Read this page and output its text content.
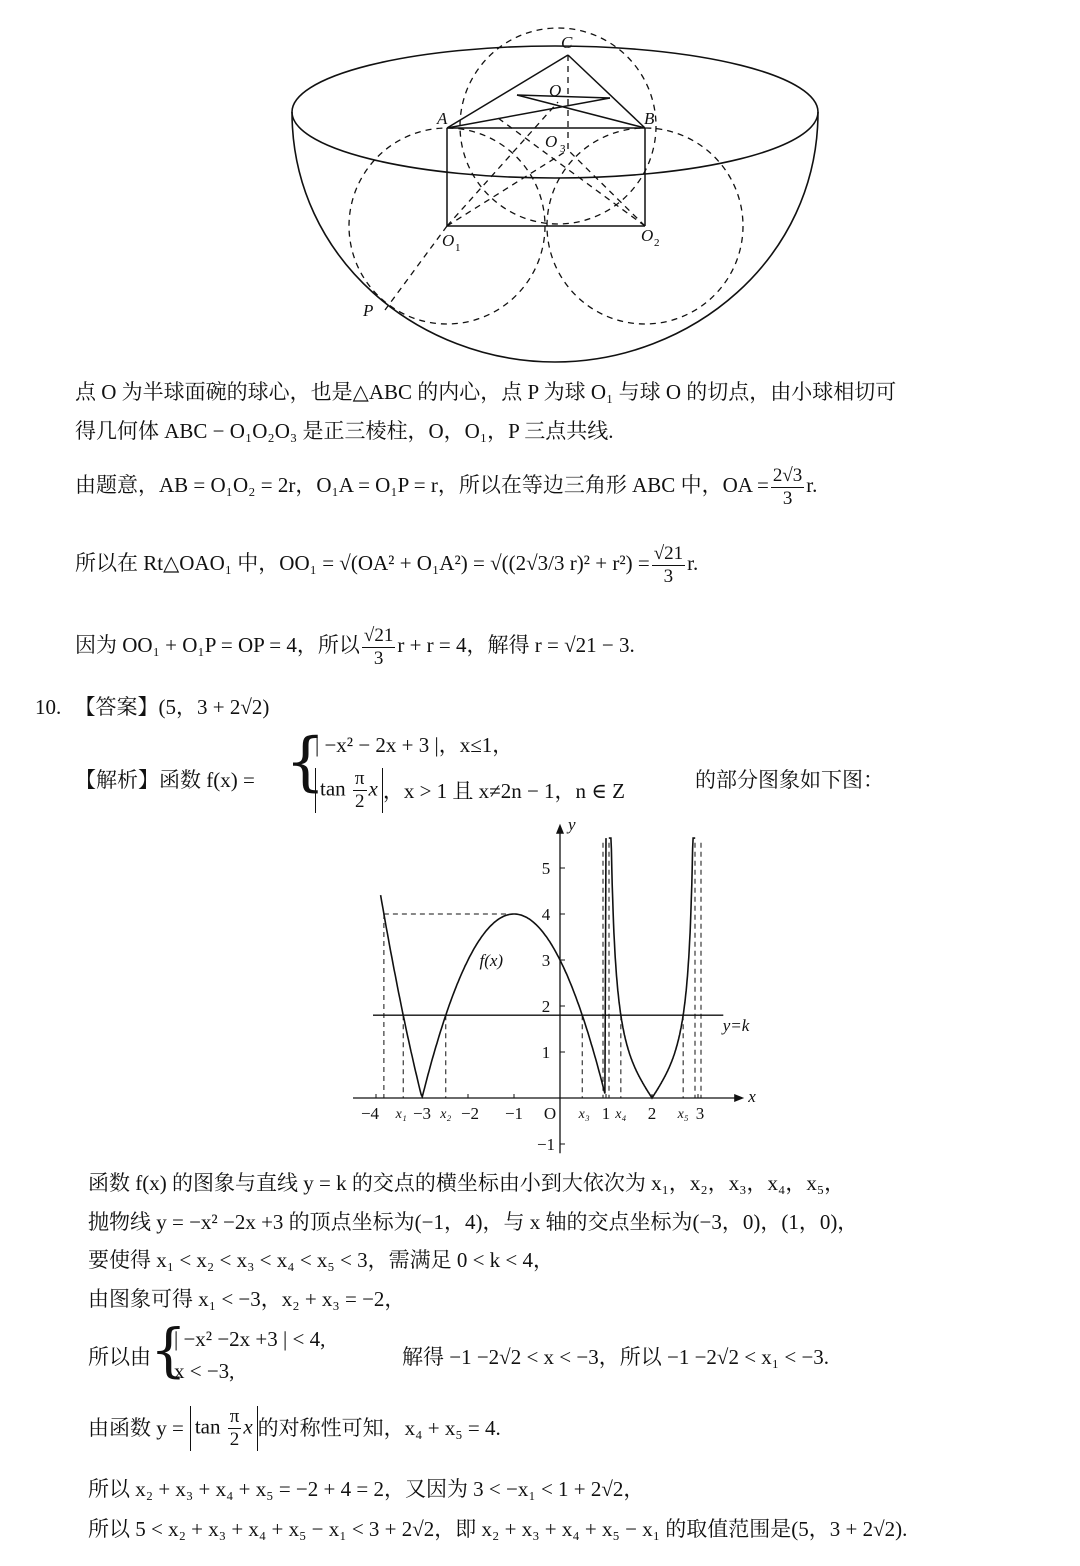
C
O
A	B
O 3
O 1
O 2
P
点 O 为半球面碗的球心，也是△ABC 的内心，点 P 为球 O₁ 与球 O 的切点，由小球相切可
得几何体 ABC − O₁O₂O₃ 是正三棱柱，O，O₁，P 三点共线.
由题意，AB = O₁O₂ = 2r，O₁A = O₁P = r，所以在等边三角形 ABC 中，OA = $\frac{2√3}{3} r$.
所以在 Rt△OAO₁ 中，OO₁ = √(OA² + O₁A²) = √((2√3/3 $r)^2 + r^2) = \frac{√21}{3} r$.
因为 OO₁ + O₁P = OP = 4，所以 $\frac{√21}{3}$ r + r = 4，解得 r = √21 − 3.
10. 【答案】(5，3 + 2√2)
【解析】函数 f(x) = {
| −x² − 2x + 3 |，x≤1，
$\tan \frac{\pi}{2}$ x ，x > 1 且 x≠2n − 1，n ∈ Z	的部分图象如下图：
x
y
−1
1
2
3
4
5
−4 −3 −2 −1 O	1 2 3
y=k
f(x)
x₁ x₂	x₃ x₄	x₅
函数 f(x) 的图象与直线 y = k 的交点的横坐标由小到大依次为 x₁，x₂，x₃，x₄，x₅，
抛物线 y = −x² −2x +3 的顶点坐标为(−1，4)，与 x 轴的交点坐标为(−3，0)，(1，0)，
要使得 x₁ < x₂ < x₃ < x₄ < x₅ < 3，需满足 0 < k < 4，
由图象可得 x₁ < −3，x₂ + x₃ = −2，
所以由 {
| −x² −2x +3 | < 4,
x < −3,
解得 −1 −2√2 < x < −3，所以 −1 −2√2 < x₁ < −3.
由函数 $y = \tan \frac{\pi}{2}$ x 的对称性可知，x₄ + x₅ = 4.
所以 x₂ + x₃ + x₄ + x₅ = −2 + 4 = 2，又因为 3 < −x₁ < 1 + 2√2，
所以 5 < x₂ + x₃ + x₄ + x₅ − x₁ < 3 + 2√2，即 x₂ + x₃ + x₄ + x₅ − x₁ 的取值范围是(5，3 + 2√2).
